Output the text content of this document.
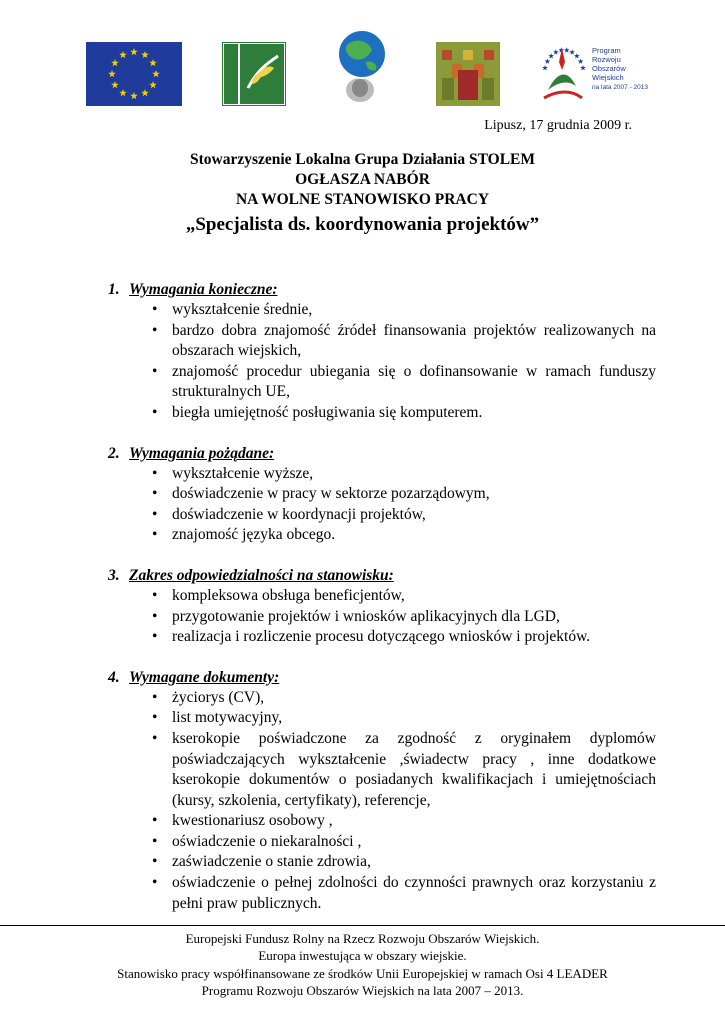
Program
Rozwoju
Obszarów
Wiejskich
na lata 2007 - 2013
Lipusz, 17 grudnia 2009 r.
Stowarzyszenie Lokalna Grupa Działania STOLEM
OGŁASZA NABÓR
NA WOLNE STANOWISKO PRACY
„Specjalista ds. koordynowania projektów”
1. Wymagania konieczne:
• wykształcenie średnie,
• bardzo dobra znajomość źródeł finansowania projektów realizowanych na obszarach wiejskich,
• znajomość procedur ubiegania się o dofinansowanie w ramach funduszy strukturalnych UE,
• biegła umiejętność posługiwania się komputerem.
2. Wymagania pożądane:
• wykształcenie wyższe,
• doświadczenie w pracy w sektorze pozarządowym,
• doświadczenie w koordynacji projektów,
• znajomość języka obcego.
3. Zakres odpowiedzialności na stanowisku:
• kompleksowa obsługa beneficjentów,
• przygotowanie projektów i wniosków aplikacyjnych dla LGD,
• realizacja i rozliczenie procesu dotyczącego wniosków i projektów.
4. Wymagane dokumenty:
• życiorys (CV),
• list motywacyjny,
• kserokopie poświadczone za zgodność z oryginałem dyplomów poświadczających wykształcenie ,świadectw pracy , inne dodatkowe kserokopie dokumentów o posiadanych kwalifikacjach i umiejętnościach (kursy, szkolenia, certyfikaty), referencje,
• kwestionariusz osobowy ,
• oświadczenie o niekaralności ,
• zaświadczenie o stanie zdrowia,
• oświadczenie o pełnej zdolności do czynności prawnych oraz korzystaniu z pełni praw publicznych.
Europejski Fundusz Rolny na Rzecz Rozwoju Obszarów Wiejskich.
Europa inwestująca w obszary wiejskie.
Stanowisko pracy współfinansowane ze środków Unii Europejskiej w ramach Osi 4 LEADER
Programu Rozwoju Obszarów Wiejskich na lata 2007 – 2013.
